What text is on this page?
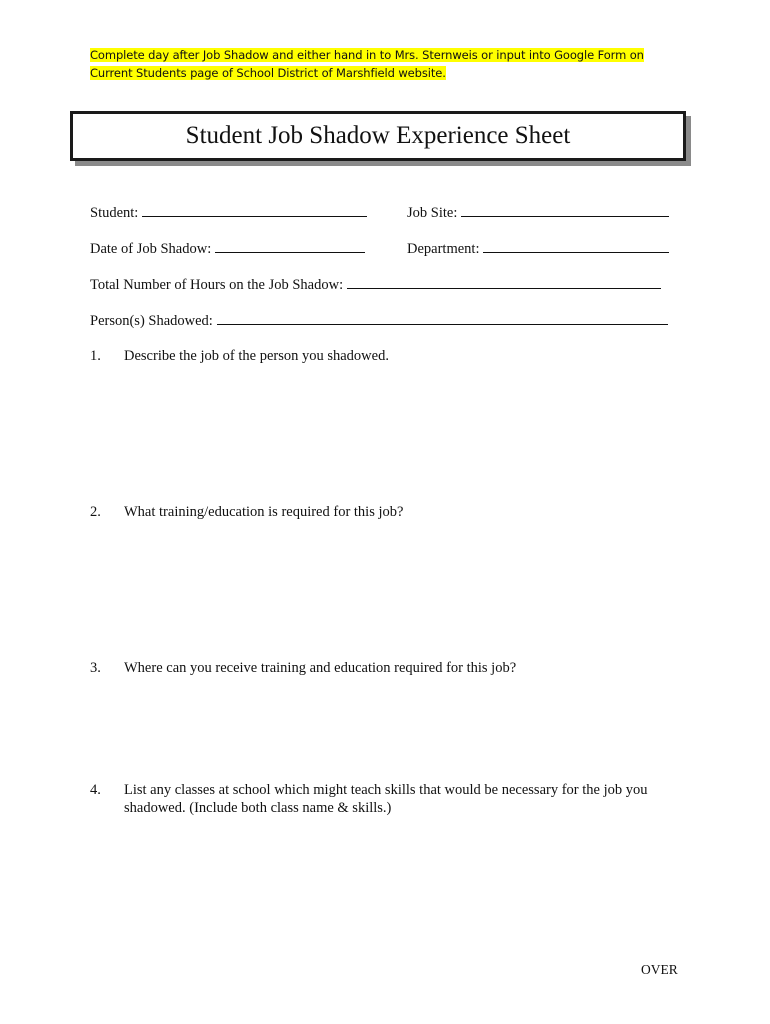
Complete day after Job Shadow and either hand in to Mrs. Sternweis or input into Google Form on
Current Students page of School District of Marshfield website.
Student Job Shadow Experience Sheet
Student:	Job Site:
Date of Job Shadow:	Department:
Total Number of Hours on the Job Shadow:
Person(s) Shadowed:
1. Describe the job of the person you shadowed.
2. What training/education is required for this job?
3. Where can you receive training and education required for this job?
4. List any classes at school which might teach skills that would be necessary for the job you shadowed. (Include both class name & skills.)
OVER
